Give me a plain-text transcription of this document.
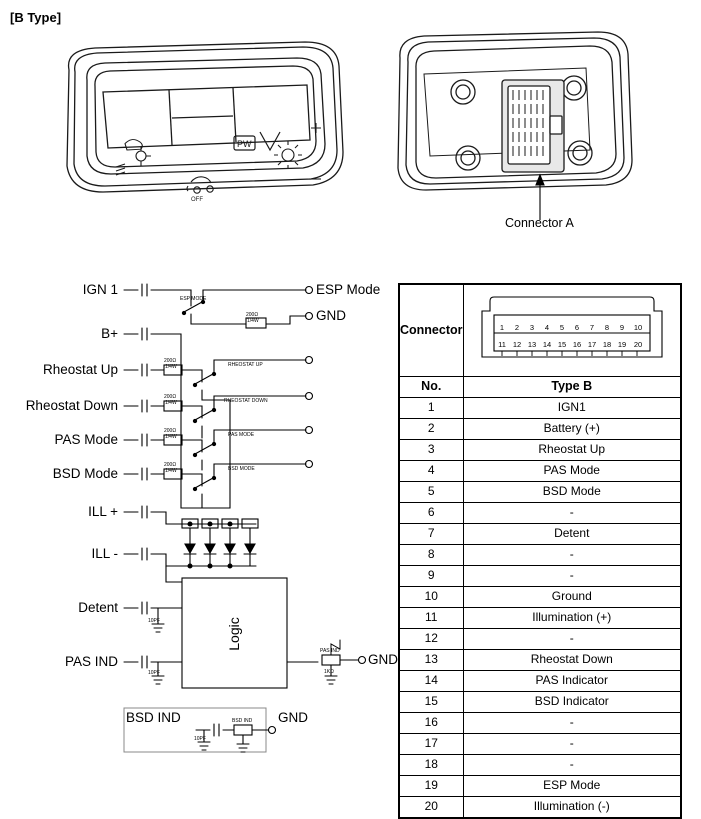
[B Type]
PW
OFF
Connector A
ESP MODE
200Ω
1/4W
200Ω
1/4W
200Ω
1/4W
200Ω
1/4W
200Ω
1/4W
RHEOSTAT UP
RHEOSTAT DOWN
PAS MODE
BSD MODE
10PF
10PF
PAS IND
1KΩ
10PF
BSD IND
IGN 1
B+
Rheostat Up
Rheostat Down
PAS Mode
BSD Mode
ILL +
ILL -
Detent
PAS IND
ESP Mode
GND
GND
Logic
BSD IND	GND
Connector	1 2 3 4 5 6 7 8 9 10
11 12 13 14 15 16 17 18 19 20

No.	Type B
1	IGN1
2	Battery (+)
3	Rheostat Up
4	PAS Mode
5	BSD Mode
6	-
7	Detent
8	-
9	-
10	Ground
11	Illumination (+)
12	-
13	Rheostat Down
14	PAS Indicator
15	BSD Indicator
16	-
17	-
18	-
19	ESP Mode
20	Illumination (-)
